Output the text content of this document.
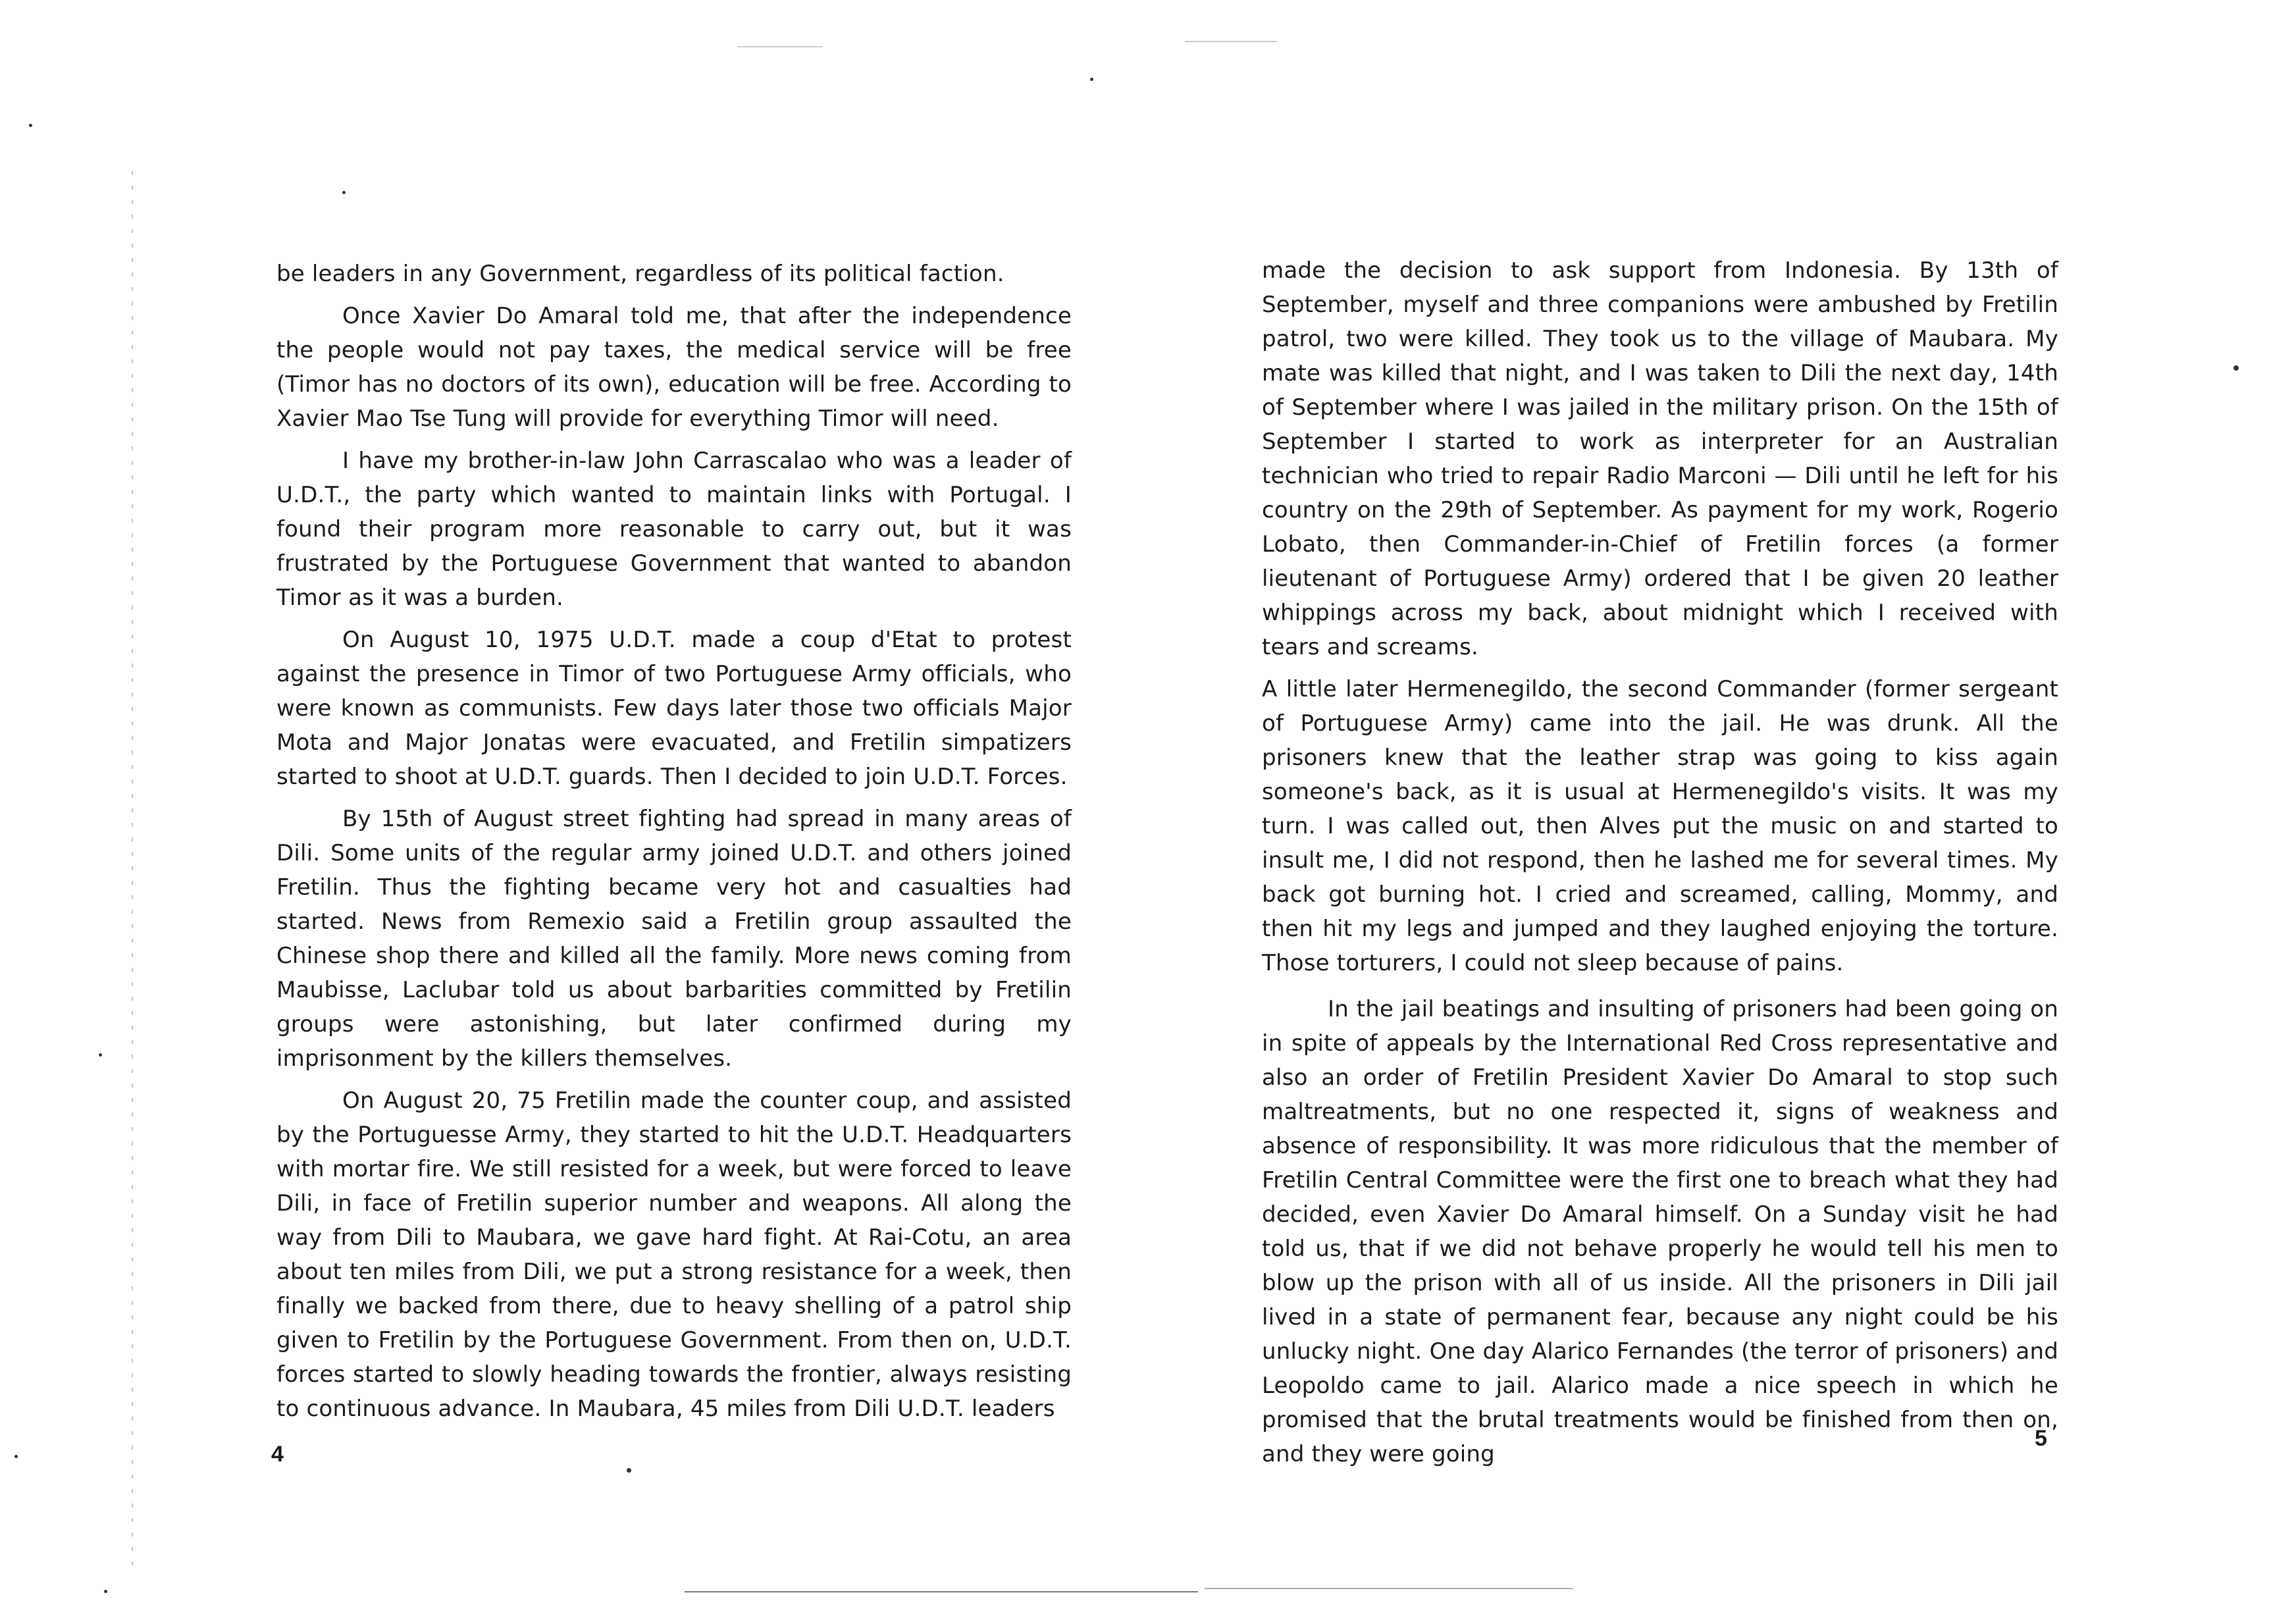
be leaders in any Government, regardless of its political faction.

Once Xavier Do Amaral told me, that after the independence the people would not pay taxes, the medical service will be free (Timor has no doctors of its own), education will be free. According to Xavier Mao Tse Tung will provide for everything Timor will need.

I have my brother-in-law John Carrascalao who was a leader of U.D.T., the party which wanted to maintain links with Portugal. I found their program more reasonable to carry out, but it was frustrated by the Portuguese Government that wanted to abandon Timor as it was a burden.

On August 10, 1975 U.D.T. made a coup d'Etat to protest against the presence in Timor of two Portuguese Army officials, who were known as communists. Few days later those two officials Major Mota and Major Jonatas were evacuated, and Fretilin simpatizers started to shoot at U.D.T. guards. Then I decided to join U.D.T. Forces.

By 15th of August street fighting had spread in many areas of Dili. Some units of the regular army joined U.D.T. and others joined Fretilin. Thus the fighting became very hot and casualties had started. News from Remexio said a Fretilin group assaulted the Chinese shop there and killed all the family. More news coming from Maubisse, Laclubar told us about barbarities committed by Fretilin groups were astonishing, but later confirmed during my imprisonment by the killers themselves.

On August 20, 75 Fretilin made the counter coup, and assisted by the Portuguesse Army, they started to hit the U.D.T. Headquarters with mortar fire. We still resisted for a week, but were forced to leave Dili, in face of Fretilin superior number and weapons. All along the way from Dili to Maubara, we gave hard fight. At Rai-Cotu, an area about ten miles from Dili, we put a strong resistance for a week, then finally we backed from there, due to heavy shelling of a patrol ship given to Fretilin by the Portuguese Government. From then on, U.D.T. forces started to slowly heading towards the frontier, always resisting to continuous advance. In Maubara, 45 miles from Dili U.D.T. leaders

4

made the decision to ask support from Indonesia. By 13th of September, myself and three companions were ambushed by Fretilin patrol, two were killed. They took us to the village of Maubara. My mate was killed that night, and I was taken to Dili the next day, 14th of September where I was jailed in the military prison. On the 15th of September I started to work as interpreter for an Australian technician who tried to repair Radio Marconi — Dili until he left for his country on the 29th of September. As payment for my work, Rogerio Lobato, then Commander-in-Chief of Fretilin forces (a former lieutenant of Portuguese Army) ordered that I be given 20 leather whippings across my back, about midnight which I received with tears and screams.

A little later Hermenegildo, the second Commander (former sergeant of Portuguese Army) came into the jail. He was drunk. All the prisoners knew that the leather strap was going to kiss again someone's back, as it is usual at Hermenegildo's visits. It was my turn. I was called out, then Alves put the music on and started to insult me, I did not respond, then he lashed me for several times. My back got burning hot. I cried and screamed, calling, Mommy, and then hit my legs and jumped and they laughed enjoying the torture. Those torturers, I could not sleep because of pains.

In the jail beatings and insulting of prisoners had been going on in spite of appeals by the International Red Cross representative and also an order of Fretilin President Xavier Do Amaral to stop such maltreatments, but no one respected it, signs of weakness and absence of responsibility. It was more ridiculous that the member of Fretilin Central Committee were the first one to breach what they had decided, even Xavier Do Amaral himself. On a Sunday visit he had told us, that if we did not behave properly he would tell his men to blow up the prison with all of us inside. All the prisoners in Dili jail lived in a state of permanent fear, because any night could be his unlucky night. One day Alarico Fernandes (the terror of prisoners) and Leopoldo came to jail. Alarico made a nice speech in which he promised that the brutal treatments would be finished from then on, and they were going

5
